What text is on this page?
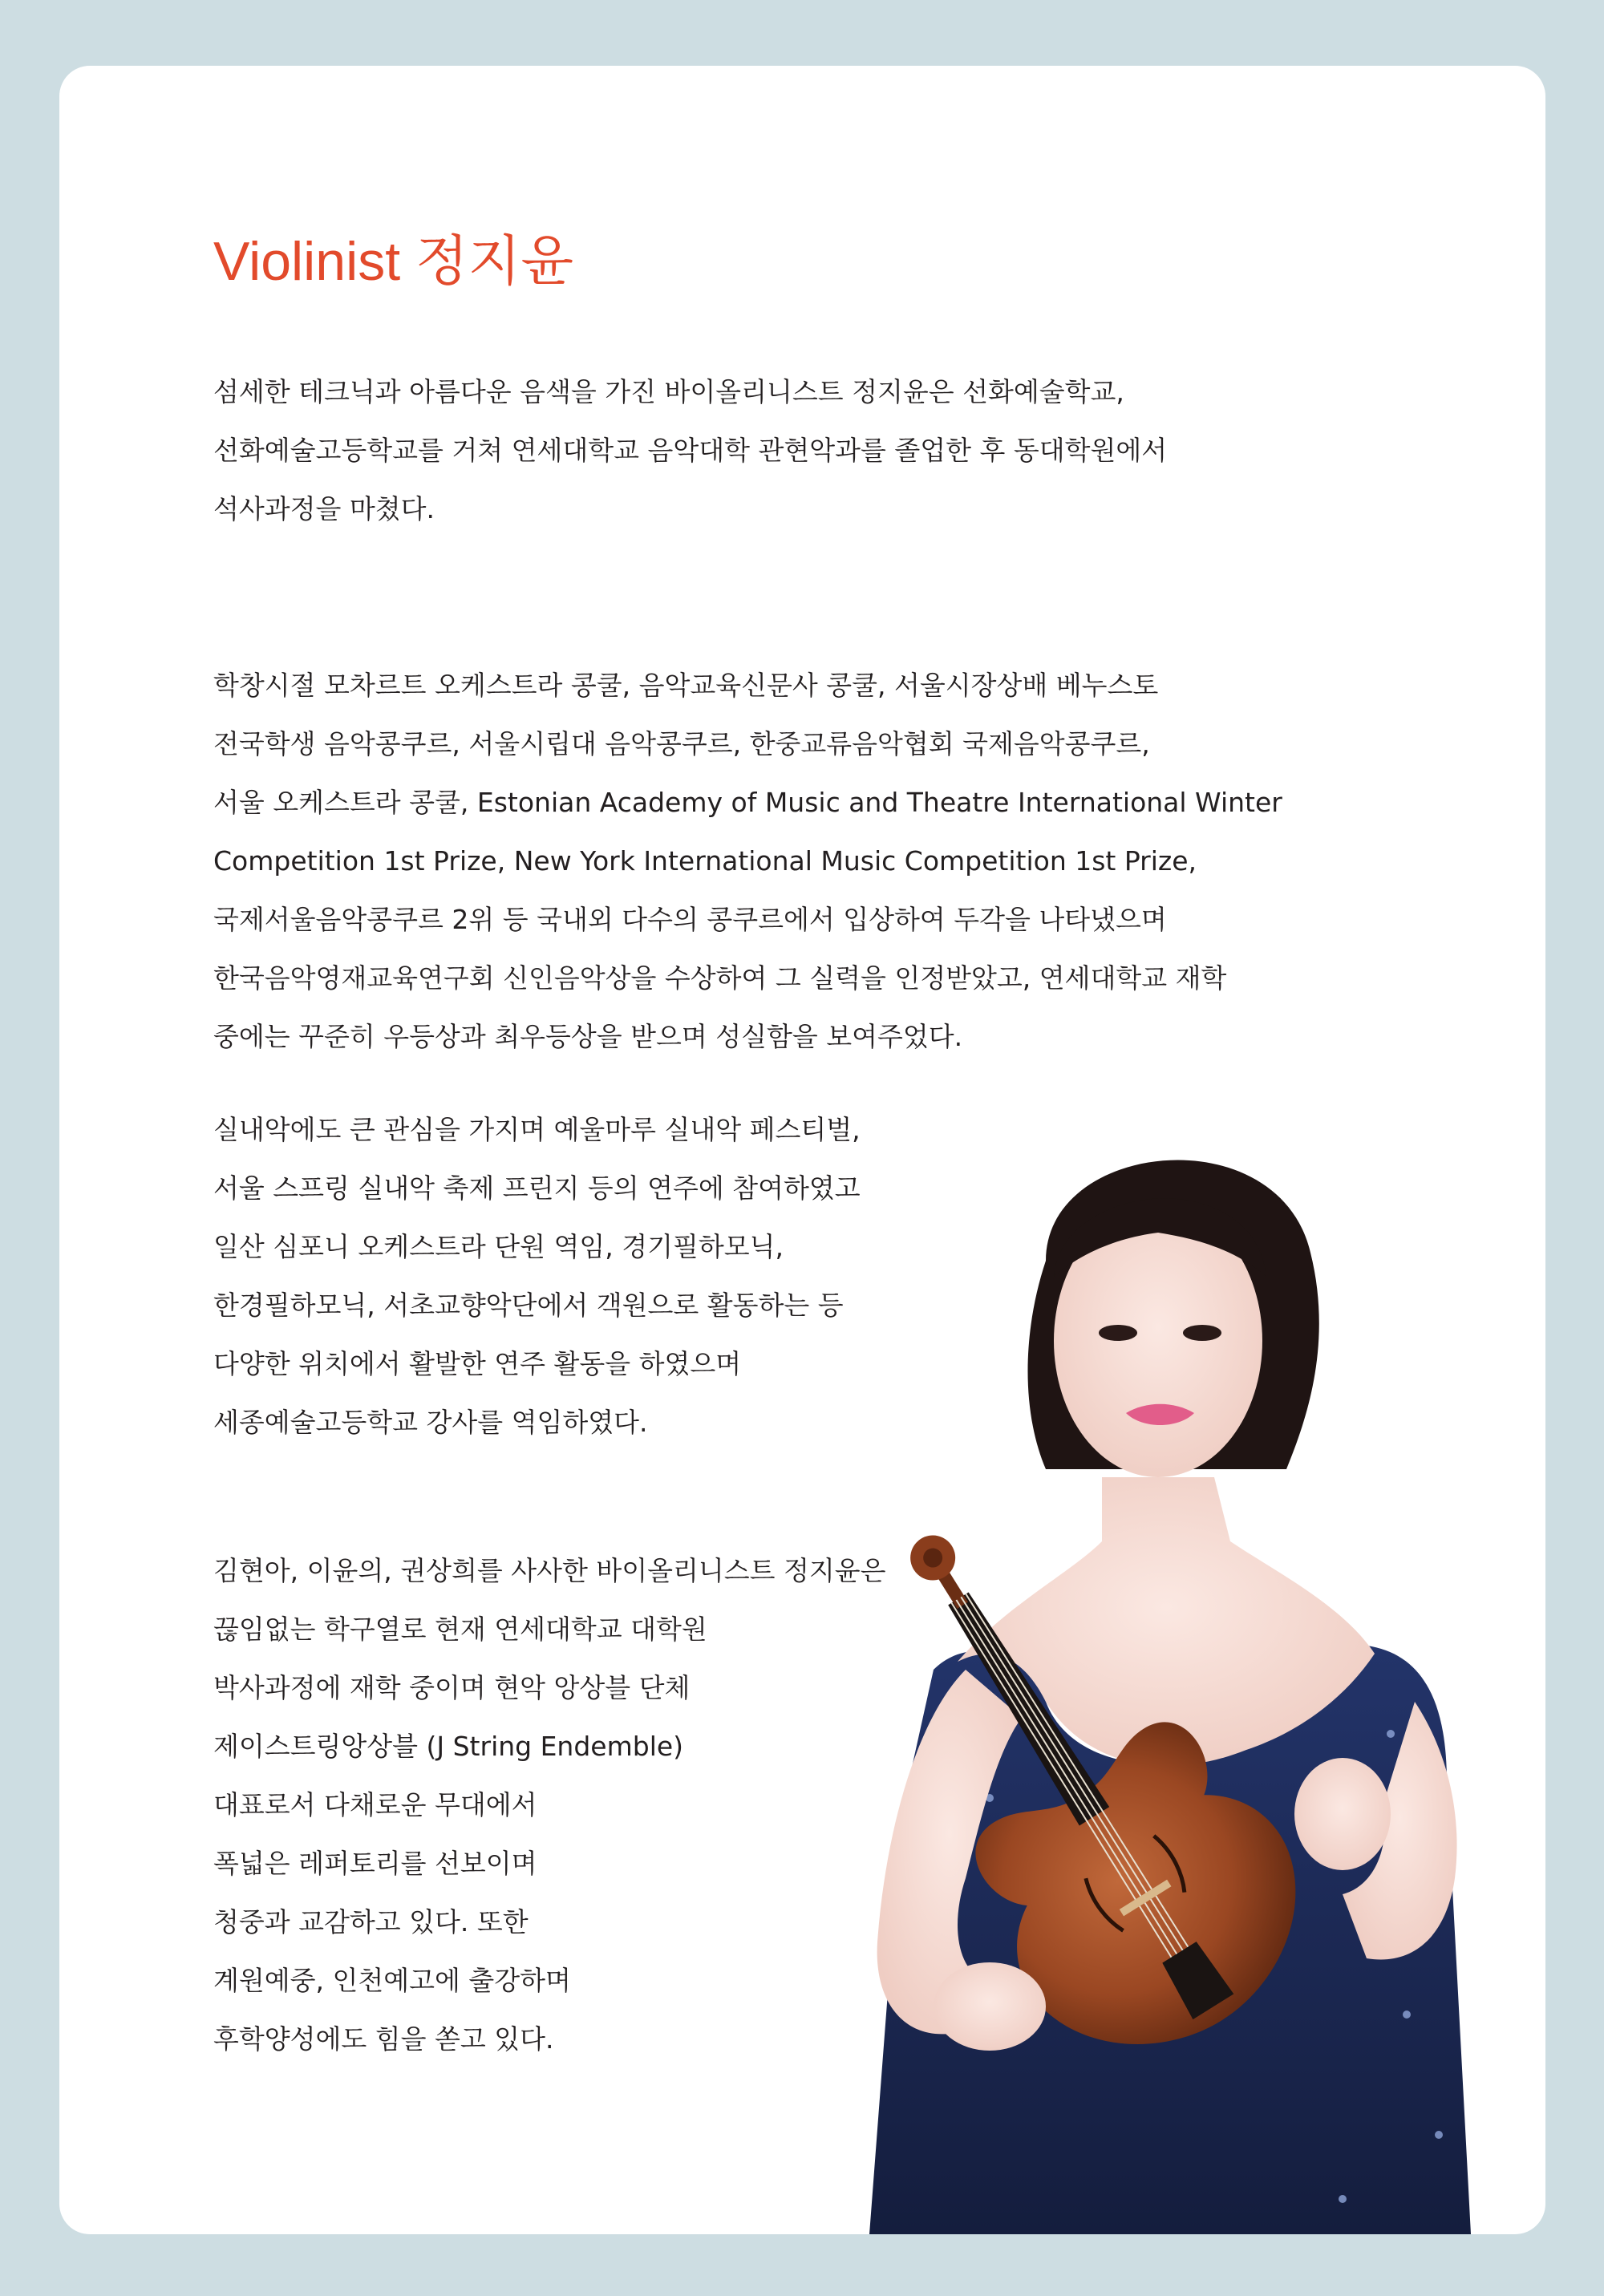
Violinist 정지윤
섬세한 테크닉과 아름다운 음색을 가진 바이올리니스트 정지윤은 선화예술학교,
선화예술고등학교를 거쳐 연세대학교 음악대학 관현악과를 졸업한 후 동대학원에서
석사과정을 마쳤다.
학창시절 모차르트 오케스트라 콩쿨, 음악교육신문사 콩쿨, 서울시장상배 베누스토
전국학생 음악콩쿠르, 서울시립대 음악콩쿠르, 한중교류음악협회 국제음악콩쿠르,
서울 오케스트라 콩쿨, Estonian Academy of Music and Theatre International Winter
Competition 1st Prize, New York International Music Competition 1st Prize,
국제서울음악콩쿠르 2위 등 국내외 다수의 콩쿠르에서 입상하여 두각을 나타냈으며
한국음악영재교육연구회 신인음악상을 수상하여 그 실력을 인정받았고, 연세대학교 재학
중에는 꾸준히 우등상과 최우등상을 받으며 성실함을 보여주었다.
실내악에도 큰 관심을 가지며 예울마루 실내악 페스티벌,
서울 스프링 실내악 축제 프린지 등의 연주에 참여하였고
일산 심포니 오케스트라 단원 역임, 경기필하모닉,
한경필하모닉, 서초교향악단에서 객원으로 활동하는 등
다양한 위치에서 활발한 연주 활동을 하였으며
세종예술고등학교 강사를 역임하였다.
김현아, 이윤의, 권상희를 사사한 바이올리니스트 정지윤은
끊임없는 학구열로 현재 연세대학교 대학원
박사과정에 재학 중이며 현악 앙상블 단체
제이스트링앙상블 (J String Endemble)
대표로서 다채로운 무대에서
폭넓은 레퍼토리를 선보이며
청중과 교감하고 있다. 또한
계원예중, 인천예고에 출강하며
후학양성에도 힘을 쏟고 있다.
